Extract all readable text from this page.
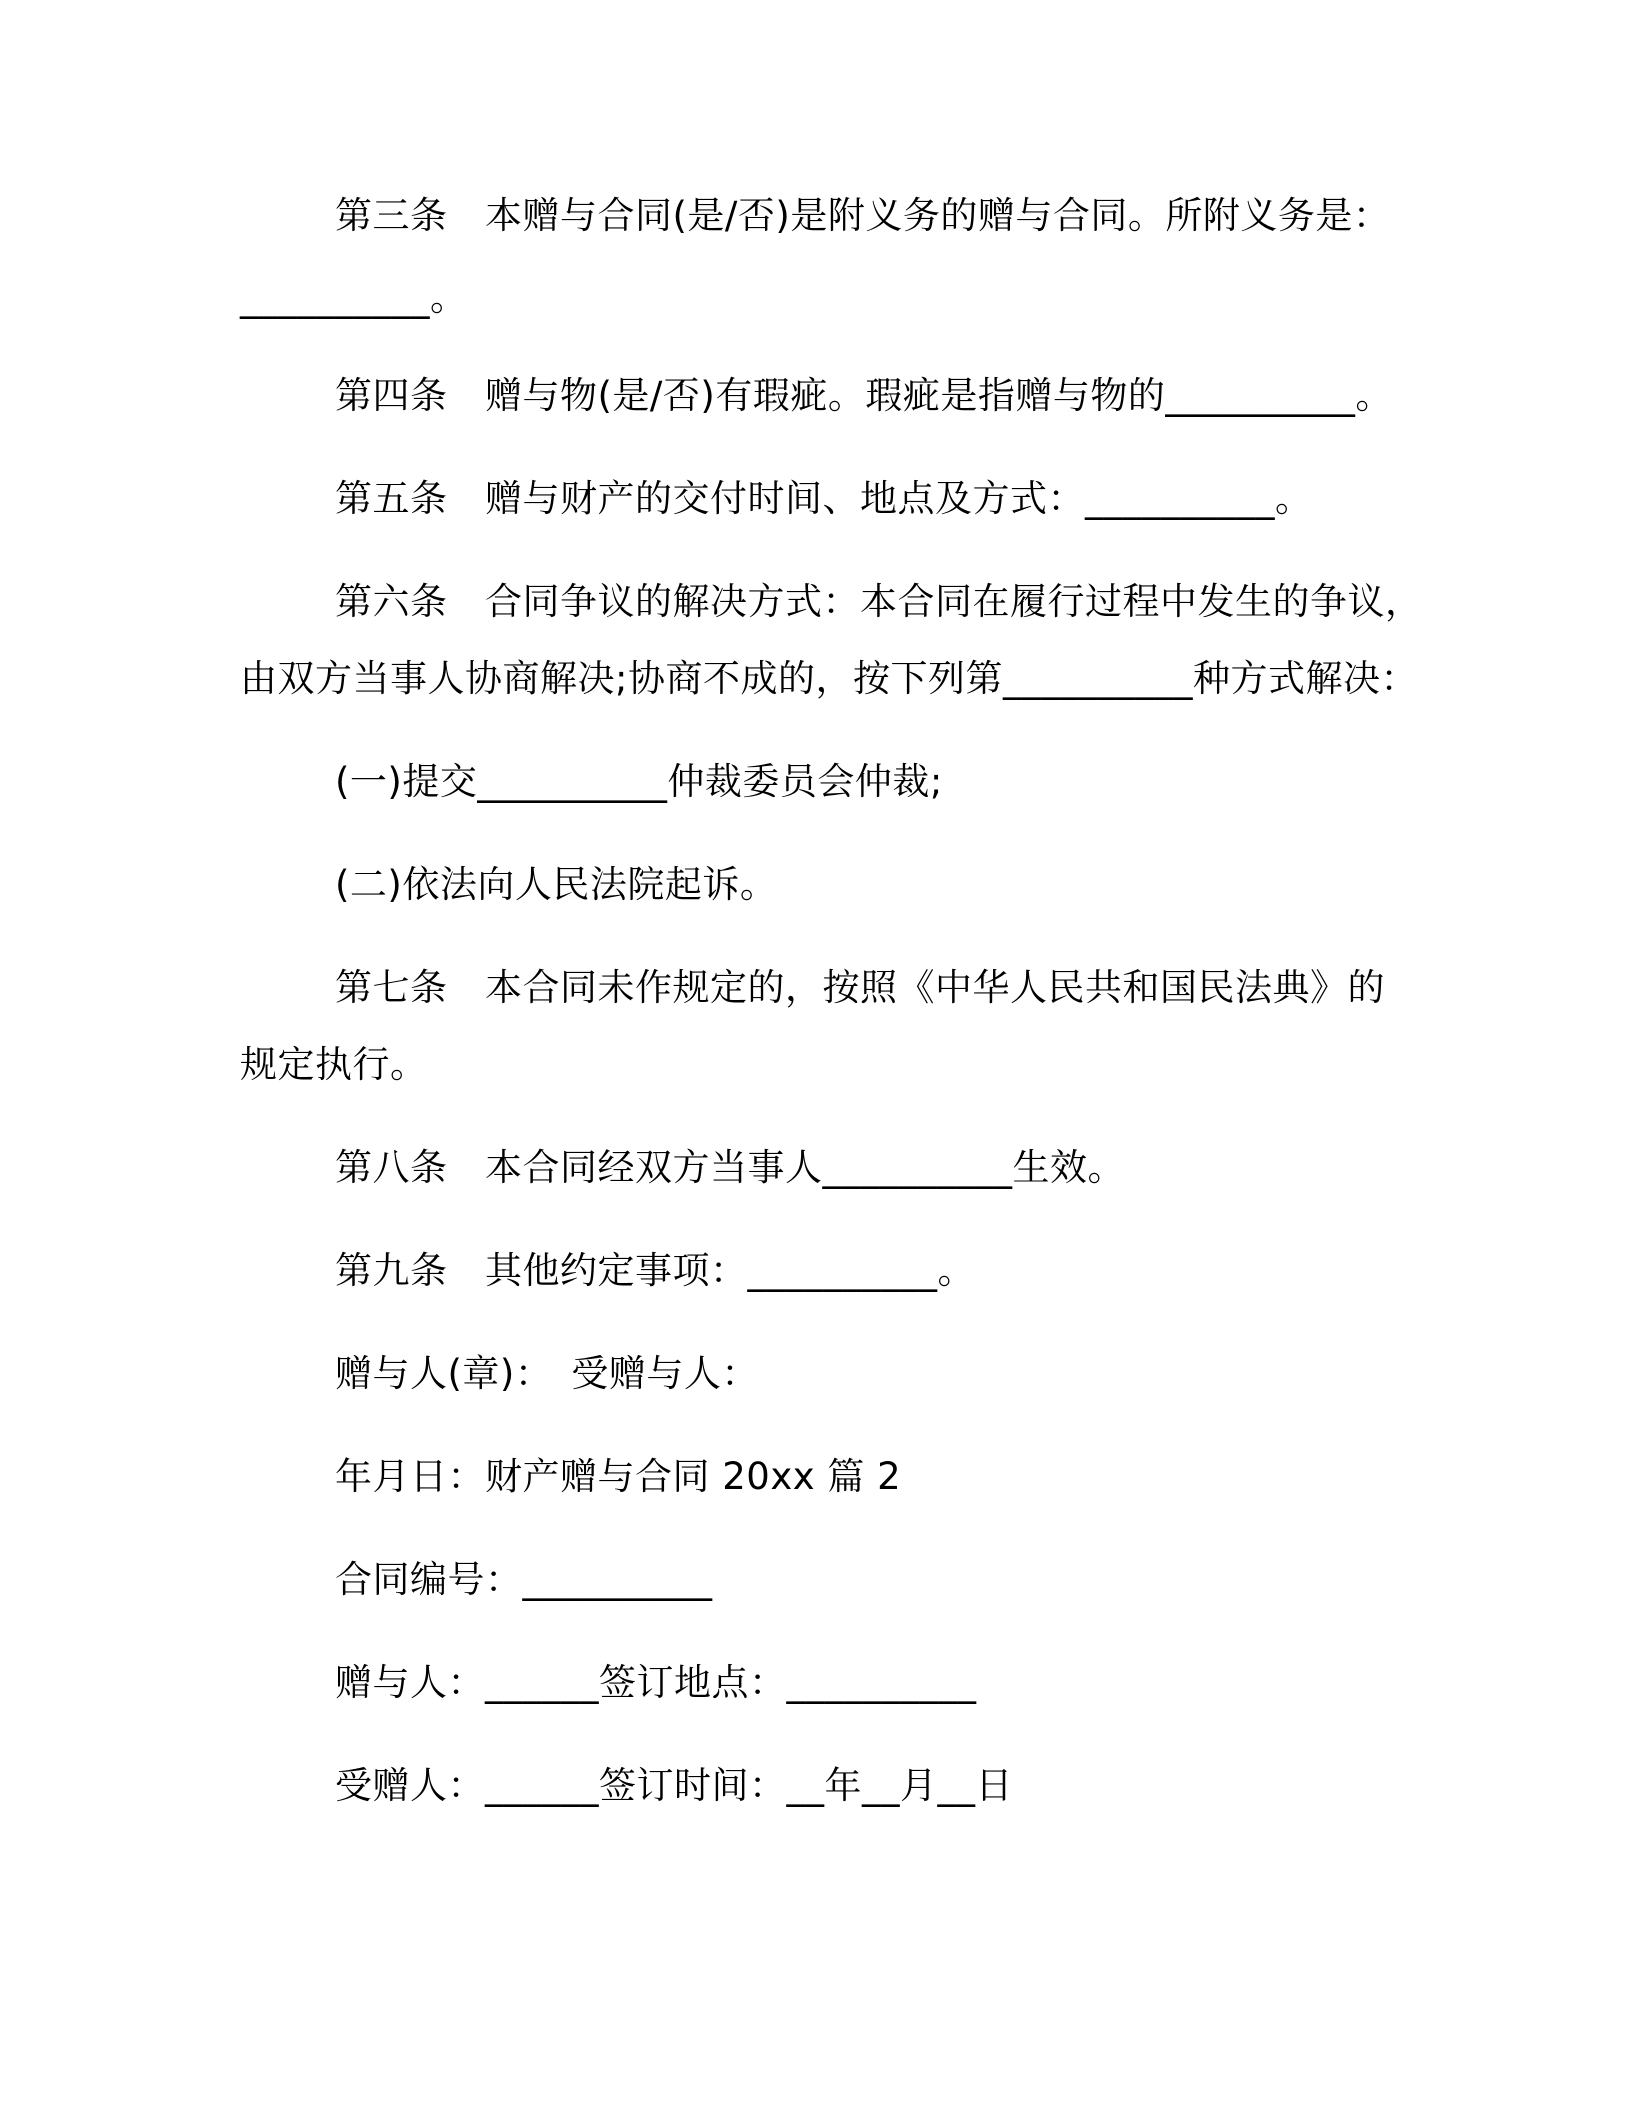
第三条　本赠与合同(是/否)是附义务的赠与合同。所附义务是：
__________。
第四条　赠与物(是/否)有瑕疵。瑕疵是指赠与物的__________。
第五条　赠与财产的交付时间、地点及方式：__________。
第六条　合同争议的解决方式：本合同在履行过程中发生的争议，
由双方当事人协商解决;协商不成的，按下列第__________种方式解决：
(一)提交__________仲裁委员会仲裁;
(二)依法向人民法院起诉。
第七条　本合同未作规定的，按照《中华人民共和国民法典》的
规定执行。
第八条　本合同经双方当事人__________生效。
第九条　其他约定事项：__________。
赠与人(章)：　受赠与人：
年月日：财产赠与合同 20xx 篇 2
合同编号：__________
赠与人：______签订地点：__________
受赠人：______签订时间：__年__月__日
